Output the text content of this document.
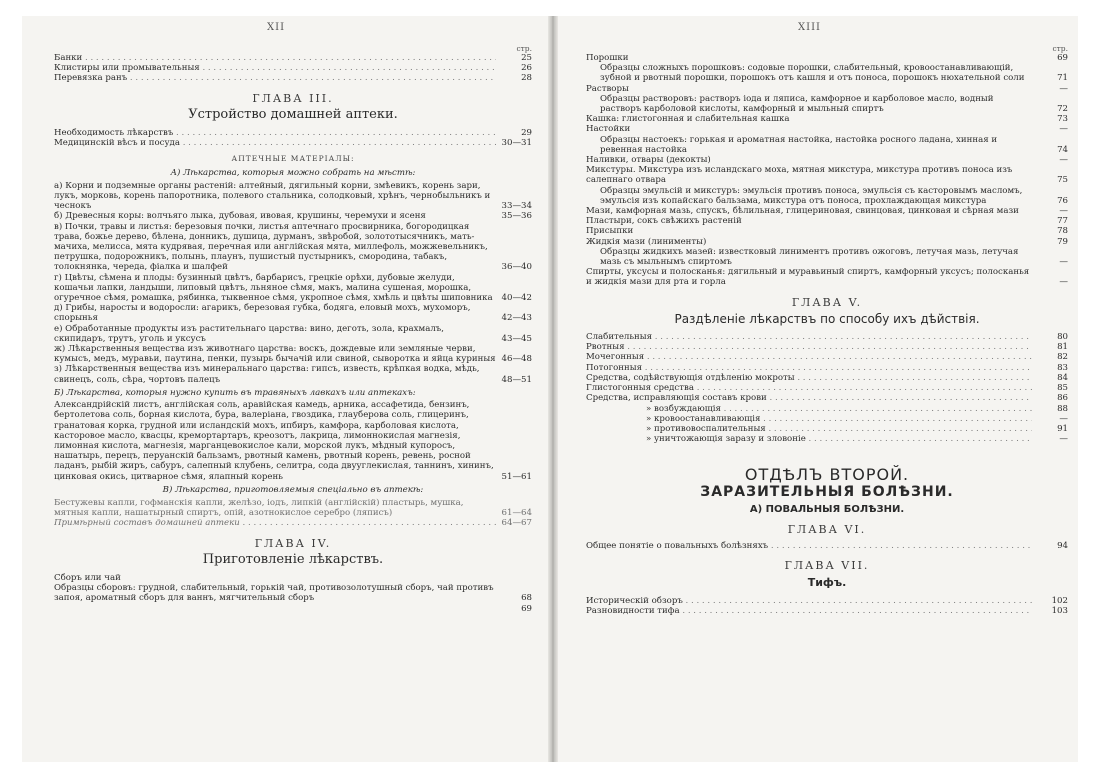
XII
стр.
Банки . . .	25
Клистиры или промывательныя . . .	26
Перевязка ранъ . . .	28
ГЛАВА III.
Устройство домашней аптеки.
Необходимость лѣкарствъ . . .	29
Медицинскій вѣсъ и посуда . . .	30—31
АПТЕЧНЫЕ МАТЕРІАЛЫ:
А) Лѣкарства, которыя можно собрать на мѣстѣ:
а) Корни и подземные органы растеній: алтейный, дягильный корни, змѣевикъ, корень зари, лукъ, морковь, корень папоротника, полевого стальника, солодковый, хрѣнъ, чернобыльникъ и чеснокъ	33—34
б) Древесныя коры: волчьяго лыка, дубовая, ивовая, крушины, черемухи и ясеня	35—36
в) Почки, травы и листья: березовыя почки, листья аптечнаго просвирника, богородицкая трава, божье дерево, бѣлена, донникъ, душица, дурманъ, звѣробой, золототысячникъ, мать-мачиха, мелисса, мята кудрявая, перечная или англійская мята, миллефоль, можжевельникъ, петрушка, подорожникъ, полынь, плаунъ, пушистый пустырникъ, смородина, табакъ, толокнянка, череда, фіалка и шалфей	36—40
г) Цвѣты, сѣмена и плоды: бузинный цвѣтъ, барбарисъ, грецкіе орѣхи, дубовые желуди, кошачьи лапки, ландыши, липовый цвѣтъ, льняное сѣмя, макъ, малина сушеная, морошка, огуречное сѣмя, ромашка, рябинка, тыквенное сѣмя, укропное сѣмя, хмѣль и цвѣты шиповника	40—42
д) Грибы, наросты и водоросли: агарикъ, березовая губка, бодяга, еловый мохъ, мухоморъ, спорынья	42—43
е) Обработанные продукты изъ растительнаго царства: вино, деготь, зола, крахмалъ, скипидаръ, трутъ, уголь и уксусъ	43—45
ж) Лѣкарственныя вещества изъ животнаго царства: воскъ, дождевые или земляные черви, кумысъ, медъ, муравьи, паутина, пенки, пузырь бычачій или свиной, сыворотка и яйца куриныя 46—48
з) Лѣкарственныя вещества изъ минеральнаго царства: гипсъ, известь, крѣпкая водка, мѣдь, свинецъ, соль, сѣра, чортовъ палецъ	48—51
Б) Лѣкарства, которыя нужно купить въ травяныхъ лавкахъ или аптекахъ:
Александрійскій листъ, англійская соль, аравійская камедь, арника, ассафетида, бензинъ, бертолетова соль, борная кислота, бура, валеріана, гвоздика, глауберова соль, глицеринъ, гранатовая корка, грудной или исландскій мохъ, ипбиръ, камфора, карболовая кислота, касторовое масло, квасцы, кремортартаръ, креозотъ, лакрица, лимоннокислая магнезія, лимонная кислота, магнезія, марганцевокислое кали, морской лукъ, мѣдный купоросъ, нашатырь, перецъ, перуанскій бальзамъ, рвотный камень, рвотный корень, ревень, росной ладанъ, рыбій жиръ, сабуръ, салепный клубень, селитра, сода двууглекислая, таннинъ, хининъ, цинковая окись, цитварное сѣмя, ялапный корень	51—61
В) Лѣкарства, приготовляемыя спеціально въ аптекѣ:
Бестужевы капли, гофманскія капли, желѣзо, іодъ, липкій (англійскій) пластырь, мушка, мятныя капли, нашатырный спиртъ, опій, азотнокислое серебро (ляписъ)	61—64
Примѣрный составъ домашней аптеки . . .	64—67
ГЛАВА IV.
Приготовленіе лѣкарствъ.
Сборъ или чай
Образцы сборовъ: грудной, слабительный, горькій чай, противозолотушный сборъ, чай противъ запоя, ароматный сборъ для ваннъ, мягчительный сборъ	68
69
XIII
стр.
Порошки	69
Образцы сложныхъ порошковъ: содовые порошки, слабительный, кровоостанавливающій, зубной и рвотный порошки, порошокъ отъ кашля и отъ поноса, порошокъ нюхательной соли	71
Растворы	—
Образцы растворовъ: растворъ іода и ляписа, камфорное и карболовое масло, водный растворъ карболовой кислоты, камфорный и мыльный спиртъ	72
Кашка: глистогонная и слабительная кашка	73
Настойки	—
Образцы настоекъ: горькая и ароматная настойка, настойка росного ладана, хинная и ревенная настойка	74
Наливки, отвары (декокты)	—
Микстуры. Микстура изъ исландскаго моха, мятная микстура, микстура противъ поноса изъ салепнаго отвара	75
Образцы эмульсій и микстуръ: эмульсія противъ поноса, эмульсія съ касторовымъ масломъ, эмульсія изъ копайскаго бальзама, микстура отъ поноса, прохлаждающая микстура	76
Мази, камфорная мазь, спускъ, бѣлильная, глицериновая, свинцовая, цинковая и сѣрная мази	—
Пластыри, сокъ свѣжихъ растеній	77
Присыпки	78
Жидкія мази (линименты)	79
Образцы жидкихъ мазей: известковый линиментъ противъ ожоговъ, летучая мазь, летучая мазь съ мыльнымъ спиртомъ	—
Спирты, уксусы и полосканья: дягильный и муравьиный спиртъ, камфорный уксусъ; полосканья и жидкія мази для рта и горла	—
ГЛАВА V.
Раздѣленіе лѣкарствъ по способу ихъ дѣйствія.
Слабительныя . . .	80
Рвотныя . . .	81
Мочегонныя . . .	82
Потогонныя . . .	83
Средства, содѣйствующія отдѣленію мокроты . . .	84
Глистогонныя средства . . .	85
Средства, исправляющія составъ крови . . .	86
» возбуждающія . . .	88
» кровоостанавливающія . . .	—
» противовоспалительныя . . .	91
» уничтожающія заразу и зловоніе . . .	—
ОТДѢЛЪ ВТОРОЙ.
ЗАРАЗИТЕЛЬНЫЯ БОЛѢЗНИ.
А) ПОВАЛЬНЫЯ БОЛѢЗНИ.
ГЛАВА VI.
Общее понятіе о повальныхъ болѣзняхъ . . .	94
ГЛАВА VII.
Тифъ.
Историческій обзоръ . . .	102
Разновидности тифа . . .	103
